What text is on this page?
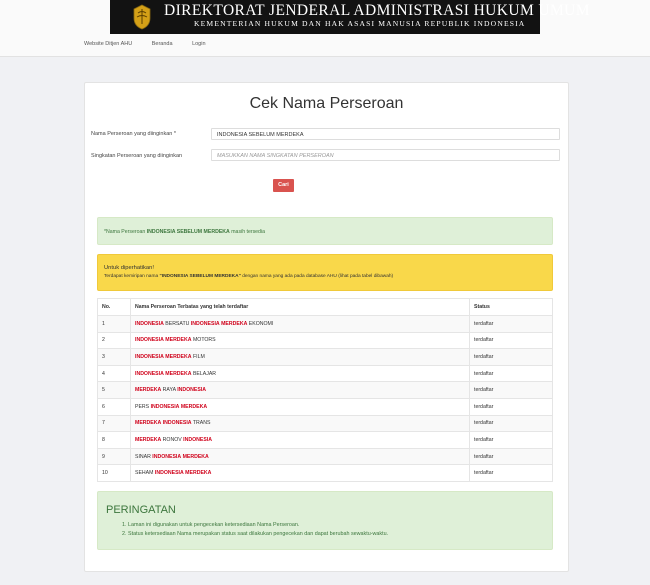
DIREKTORAT JENDERAL ADMINISTRASI HUKUM UMUM
KEMENTERIAN HUKUM DAN HAK ASASI MANUSIA REPUBLIK INDONESIA
Website Ditjen AHU	Beranda	Login
Cek Nama Perseroan
Nama Perseroan yang diinginkan *	INDONESIA SEBELUM MERDEKA
Singkatan Perseroan yang diinginkan	MASUKKAN NAMA SINGKATAN PERSEROAN
Cari
*Nama Perseroan INDONESIA SEBELUM MERDEKA masih tersedia
Untuk diperhatikan!
Terdapat kemiripan nama "INDONESIA SEBELUM MERDEKA" dengan nama yang ada pada database AHU (lihat pada tabel dibawah)
No.	Nama Perseroan Terbatas yang telah terdaftar	Status
1	INDONESIA BERSATU INDONESIA MERDEKA EKONOMI	terdaftar
2	INDONESIA MERDEKA MOTORS	terdaftar
3	INDONESIA MERDEKA FILM	terdaftar
4	INDONESIA MERDEKA BELAJAR	terdaftar
5	MERDEKA RAYA INDONESIA	terdaftar
6	PERS INDONESIA MERDEKA	terdaftar
7	MERDEKA INDONESIA TRANS	terdaftar
8	MERDEKA RONOV INDONESIA	terdaftar
9	SINAR INDONESIA MERDEKA	terdaftar
10	SEHAM INDONESIA MERDEKA	terdaftar
PERINGATAN
1. Laman ini digunakan untuk pengecekan ketersediaan Nama Perseroan.
2. Status ketersediaan Nama merupakan status saat dilakukan pengecekan dan dapat berubah sewaktu-waktu.
